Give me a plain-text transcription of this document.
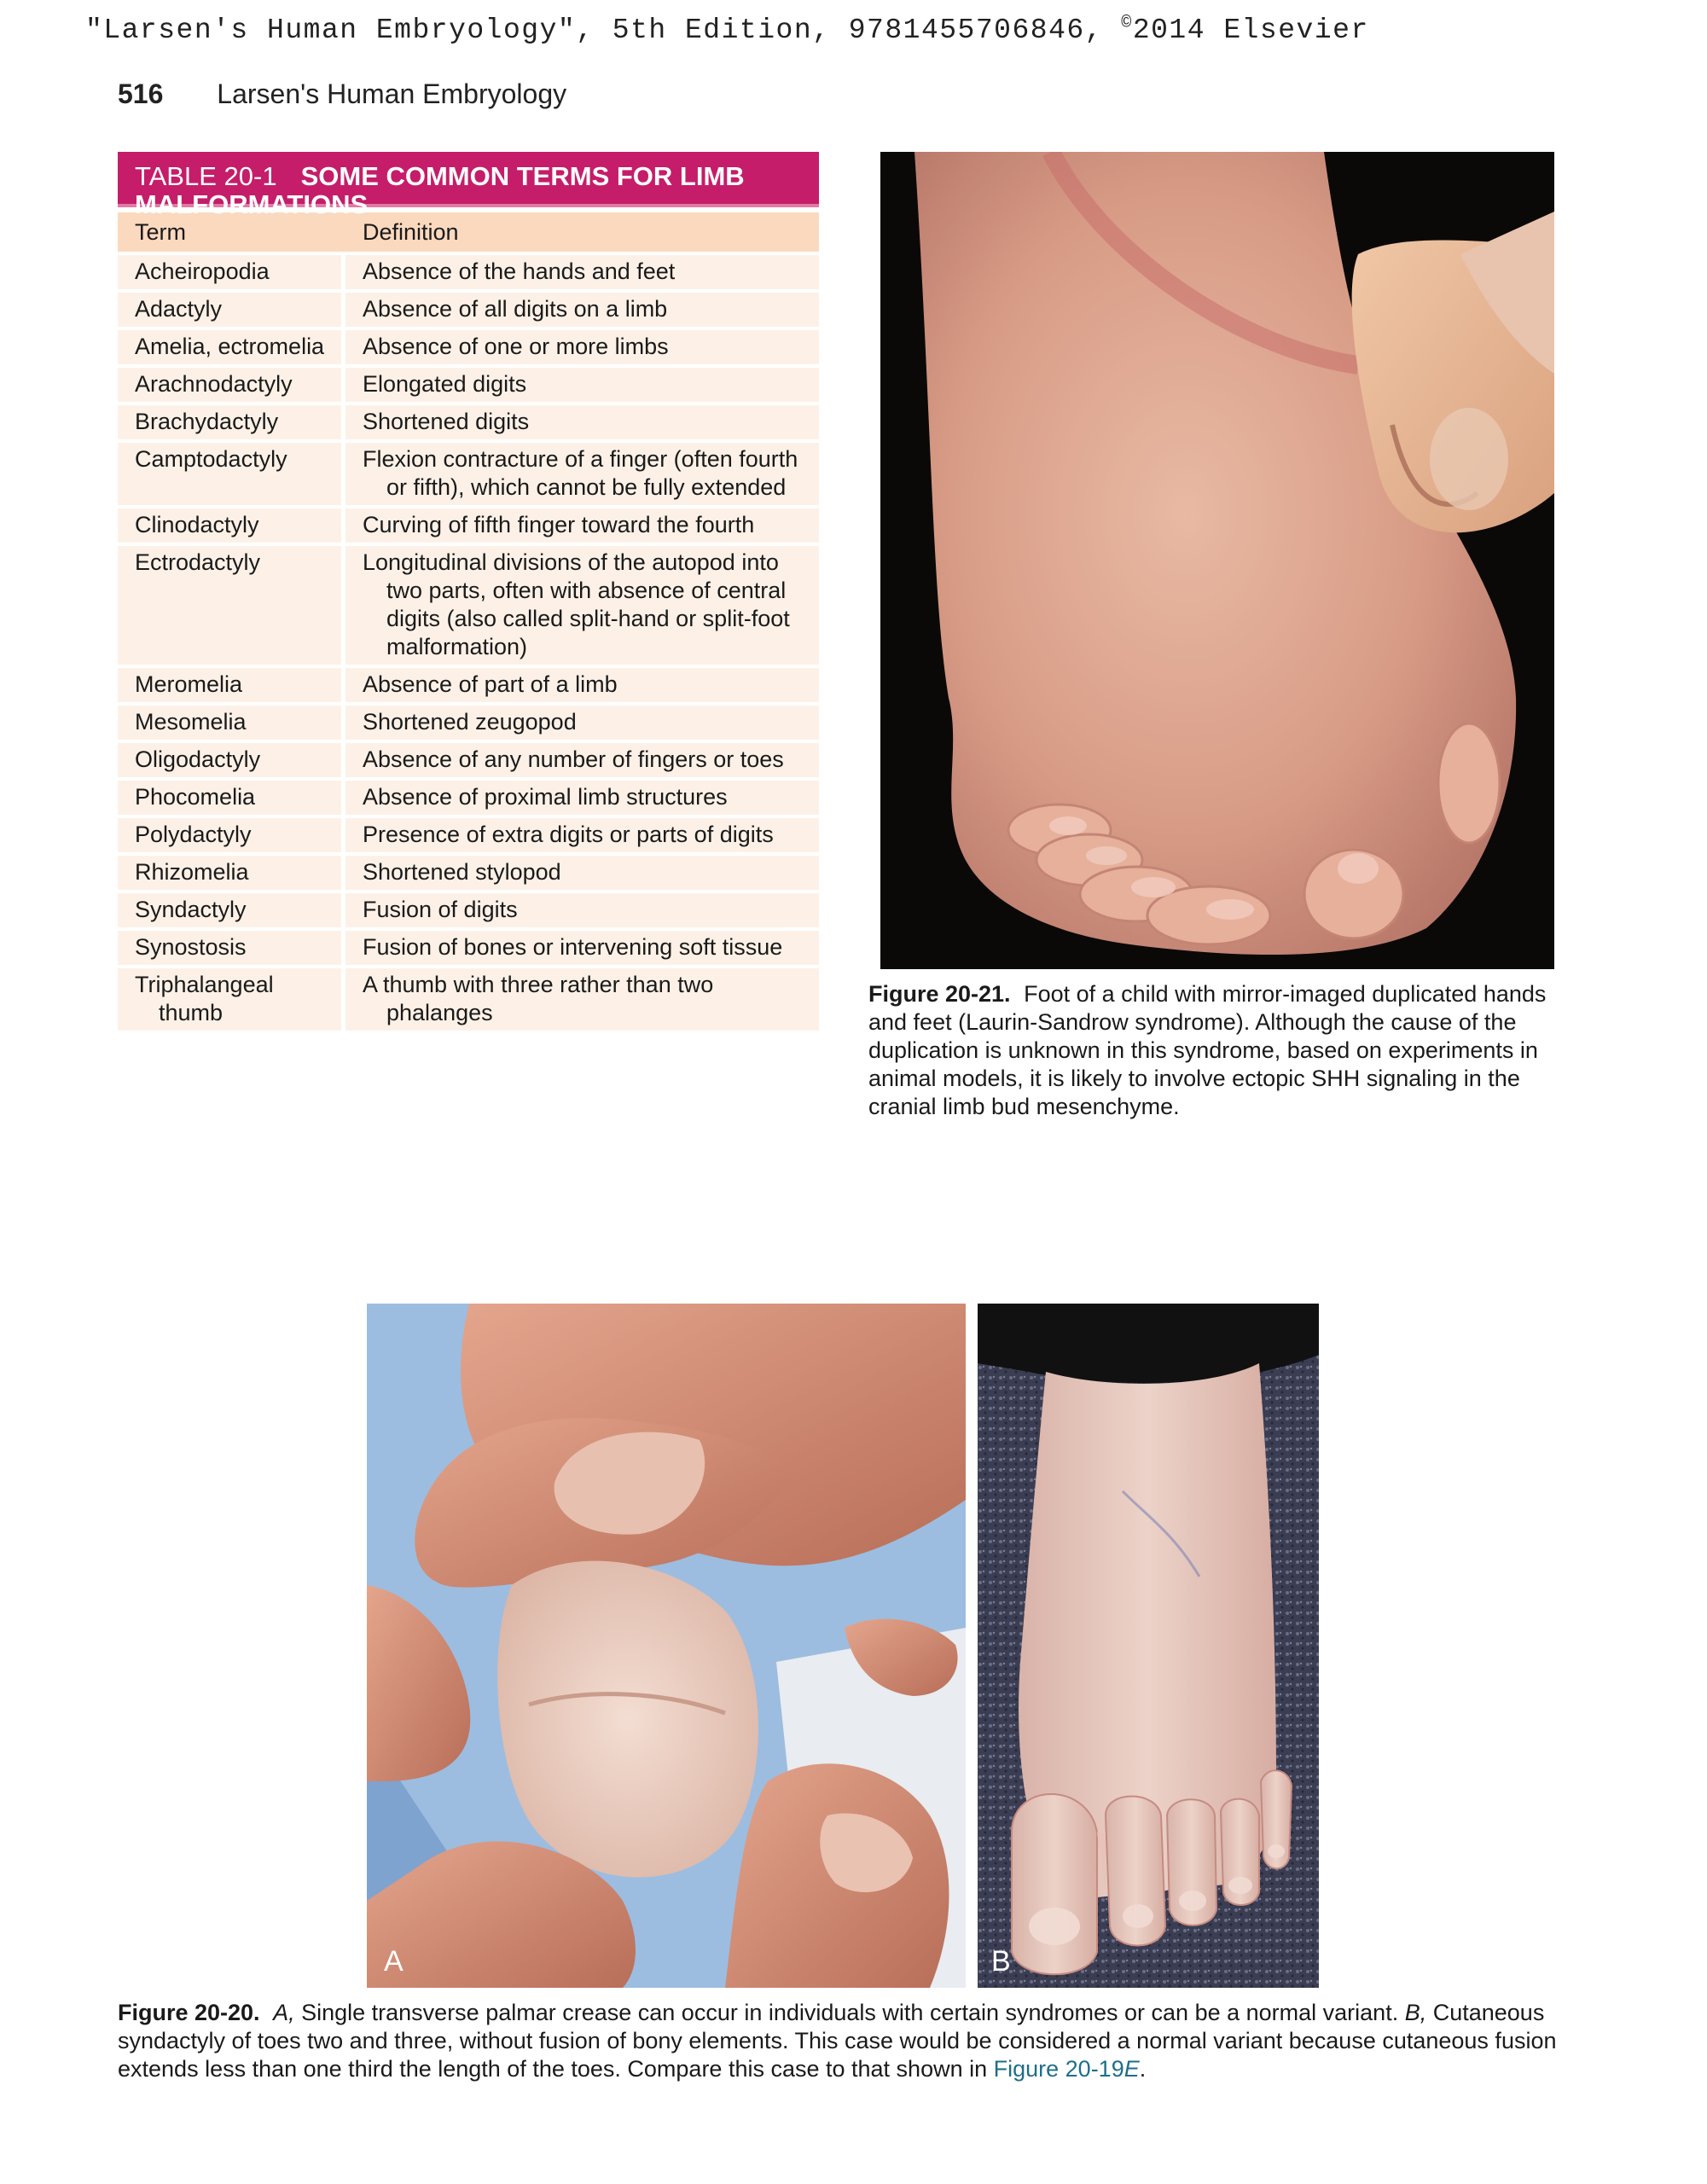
"Larsen's Human Embryology", 5th Edition, 9781455706846, ©2014 Elsevier
516 Larsen's Human Embryology
TABLE 20-1 SOME COMMON TERMS FOR LIMB MALFORMATIONS
Term	Definition

Acheiropodia	Absence of the hands and feet

Adactyly	Absence of all digits on a limb

Amelia, ectromelia	Absence of one or more limbs

Arachnodactyly	Elongated digits

Brachydactyly	Shortened digits

Camptodactyly	Flexion contracture of a finger (often fourth or fifth), which cannot be fully extended

Clinodactyly	Curving of fifth finger toward the fourth

Ectrodactyly	Longitudinal divisions of the autopod into two parts, often with absence of central digits (also called split-hand or split-foot malformation)

Meromelia	Absence of part of a limb

Mesomelia	Shortened zeugopod

Oligodactyly	Absence of any number of fingers or toes

Phocomelia	Absence of proximal limb structures

Polydactyly	Presence of extra digits or parts of digits

Rhizomelia	Shortened stylopod

Syndactyly	Fusion of digits

Synostosis	Fusion of bones or intervening soft tissue

Triphalangeal thumb	A thumb with three rather than two phalanges
Figure 20-21. Foot of a child with mirror-imaged duplicated hands and feet (Laurin-Sandrow syndrome). Although the cause of the duplication is unknown in this syndrome, based on experiments in animal models, it is likely to involve ectopic SHH signaling in the cranial limb bud mesenchyme.
A	B
Figure 20-20. A, Single transverse palmar crease can occur in individuals with certain syndromes or can be a normal variant. B, Cutaneous syndactyly of toes two and three, without fusion of bony elements. This case would be considered a normal variant because cutaneous fusion extends less than one third the length of the toes. Compare this case to that shown in Figure 20-19E.
